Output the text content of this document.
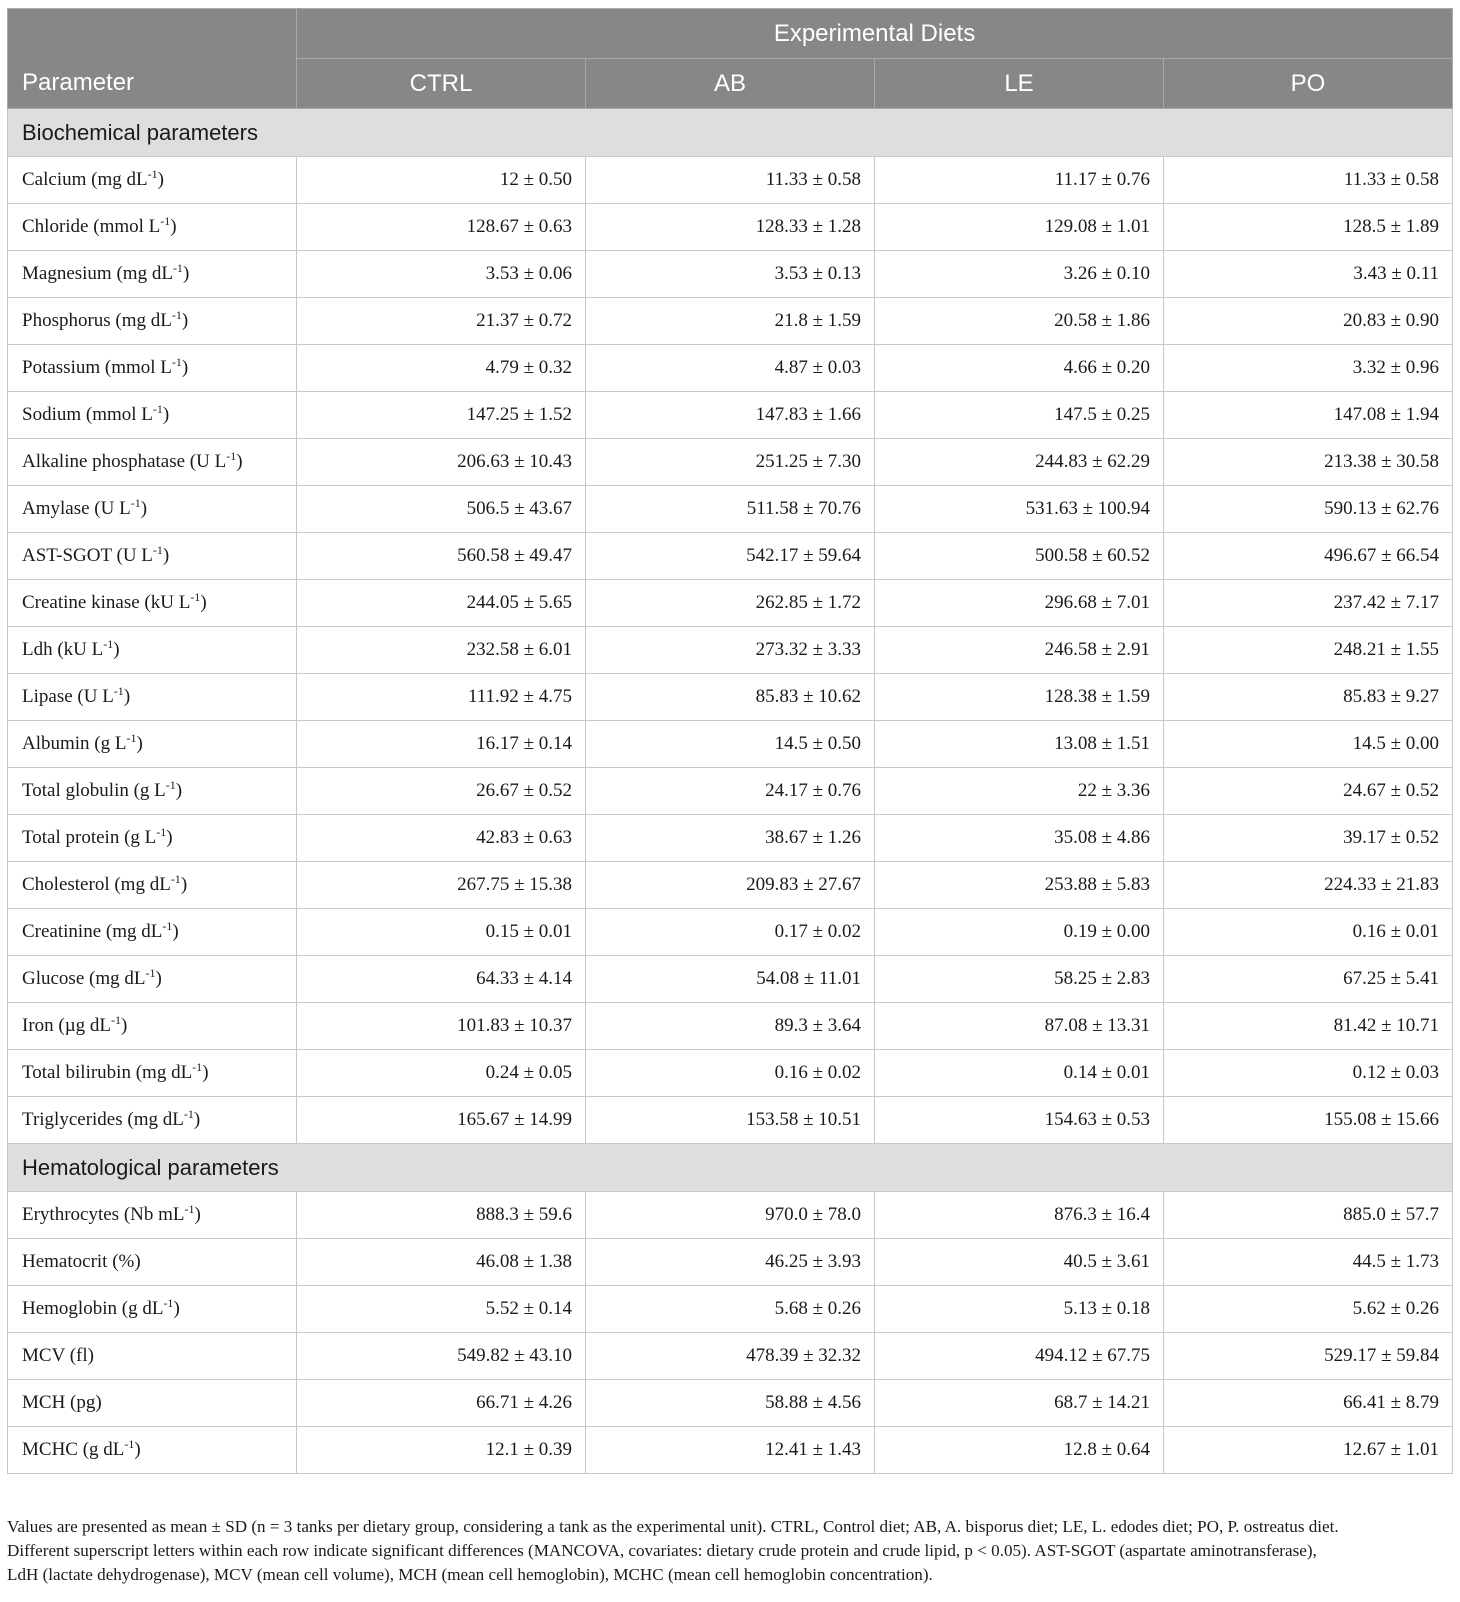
Parameter	Experimental Diets			
	CTRL	AB	LE	PO
Biochemical parameters				
Calcium (mg $dL^{-1}$)	12 ± 0.50	11.33 ± 0.58	11.17 ± 0.76	11.33 ± 0.58
Chloride (mmol $L^{-1}$)	128.67 ± 0.63	128.33 ± 1.28	129.08 ± 1.01	128.5 ± 1.89
Magnesium (mg $dL^{-1}$)	3.53 ± 0.06	3.53 ± 0.13	3.26 ± 0.10	3.43 ± 0.11
Phosphorus (mg $dL^{-1}$)	21.37 ± 0.72	21.8 ± 1.59	20.58 ± 1.86	20.83 ± 0.90
Potassium (mmol $L^{-1}$)	4.79 ± 0.32	4.87 ± 0.03	4.66 ± 0.20	3.32 ± 0.96
Sodium (mmol $L^{-1}$)	147.25 ± 1.52	147.83 ± 1.66	147.5 ± 0.25	147.08 ± 1.94
Alkaline phosphatase (U $L^{-1}$)	206.63 ± 10.43	251.25 ± 7.30	244.83 ± 62.29	213.38 ± 30.58
Amylase (U $L^{-1}$)	506.5 ± 43.67	511.58 ± 70.76	531.63 ± 100.94	590.13 ± 62.76
AST-SGOT (U $L^{-1}$)	560.58 ± 49.47	542.17 ± 59.64	500.58 ± 60.52	496.67 ± 66.54
Creatine kinase (kU $L^{-1}$)	244.05 ± 5.65	262.85 ± 1.72	296.68 ± 7.01	237.42 ± 7.17
Ldh (kU $L^{-1}$)	232.58 ± 6.01	273.32 ± 3.33	246.58 ± 2.91	248.21 ± 1.55
Lipase (U $L^{-1}$)	111.92 ± 4.75	85.83 ± 10.62	128.38 ± 1.59	85.83 ± 9.27
Albumin (g $L^{-1}$)	16.17 ± 0.14	14.5 ± 0.50	13.08 ± 1.51	14.5 ± 0.00
Total globulin (g $L^{-1}$)	26.67 ± 0.52	24.17 ± 0.76	22 ± 3.36	24.67 ± 0.52
Total protein (g $L^{-1}$)	42.83 ± 0.63	38.67 ± 1.26	35.08 ± 4.86	39.17 ± 0.52
Cholesterol (mg $dL^{-1}$)	267.75 ± 15.38	209.83 ± 27.67	253.88 ± 5.83	224.33 ± 21.83
Creatinine (mg $dL^{-1}$)	0.15 ± 0.01	0.17 ± 0.02	0.19 ± 0.00	0.16 ± 0.01
Glucose (mg $dL^{-1}$)	64.33 ± 4.14	54.08 ± 11.01	58.25 ± 2.83	67.25 ± 5.41
Iron (µg $dL^{-1}$)	101.83 ± 10.37	89.3 ± 3.64	87.08 ± 13.31	81.42 ± 10.71
Total bilirubin (mg $dL^{-1}$)	0.24 ± 0.05	0.16 ± 0.02	0.14 ± 0.01	0.12 ± 0.03
Triglycerides (mg $dL^{-1}$)	165.67 ± 14.99	153.58 ± 10.51	154.63 ± 0.53	155.08 ± 15.66
Hematological parameters				
Erythrocytes (Nb $mL^{-1}$)	888.3 ± 59.6	970.0 ± 78.0	876.3 ± 16.4	885.0 ± 57.7
Hematocrit (%)	46.08 ± 1.38	46.25 ± 3.93	40.5 ± 3.61	44.5 ± 1.73
Hemoglobin (g $dL^{-1}$)	5.52 ± 0.14	5.68 ± 0.26	5.13 ± 0.18	5.62 ± 0.26
MCV (fl)	549.82 ± 43.10	478.39 ± 32.32	494.12 ± 67.75	529.17 ± 59.84
MCH (pg)	66.71 ± 4.26	58.88 ± 4.56	68.7 ± 14.21	66.41 ± 8.79
MCHC (g $dL^{-1}$)	12.1 ± 0.39	12.41 ± 1.43	12.8 ± 0.64	12.67 ± 1.01

Values are presented as mean ± SD (n = 3 tanks per dietary group, considering a tank as the experimental unit). CTRL, Control diet; AB, A. bisporus diet; LE, L. edodes diet; PO, P. ostreatus diet.

Different superscript letters within each row indicate significant differences (MANCOVA, covariates: dietary crude protein and crude lipid, p < 0.05). AST-SGOT (aspartate aminotransferase),

LdH (lactate dehydrogenase), MCV (mean cell volume), MCH (mean cell hemoglobin), MCHC (mean cell hemoglobin concentration).
